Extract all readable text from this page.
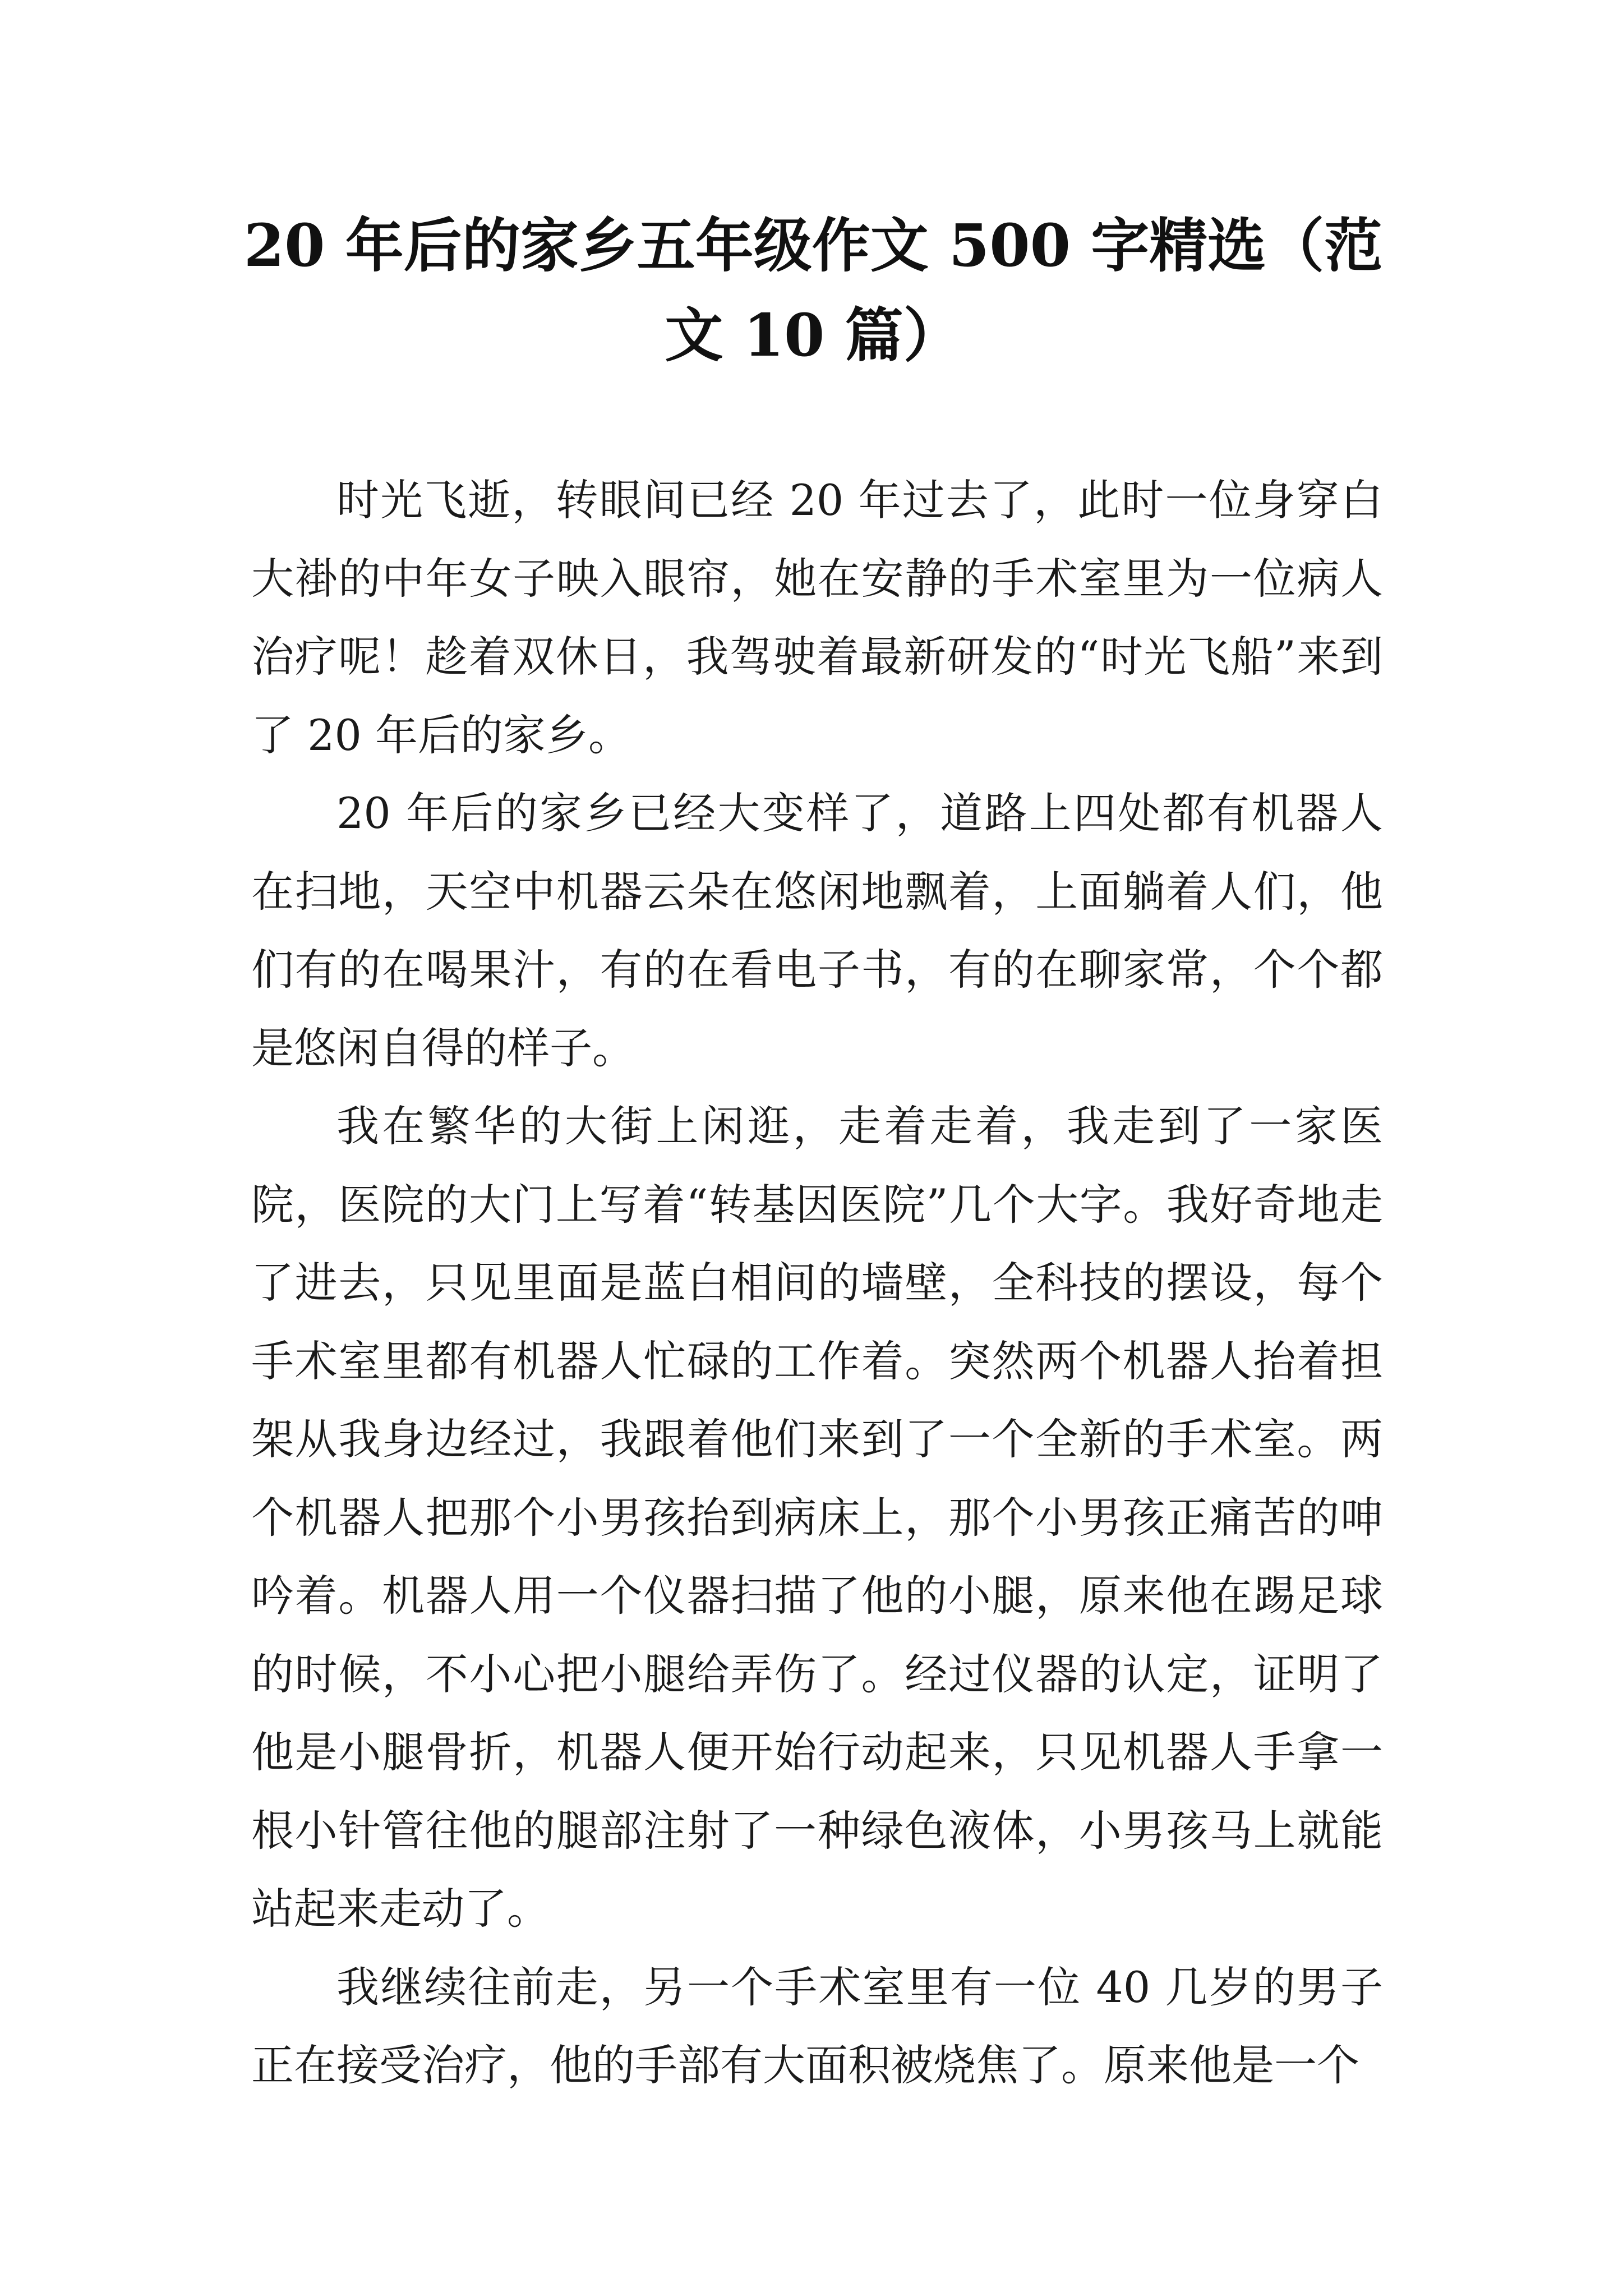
20 年后的家乡五年级作文 500 字精选（范文 10 篇）

时光飞逝，转眼间已经 20 年过去了，此时一位身穿白大褂的中年女子映入眼帘，她在安静的手术室里为一位病人治疗呢！趁着双休日，我驾驶着最新研发的“时光飞船”来到了 20 年后的家乡。

20 年后的家乡已经大变样了，道路上四处都有机器人在扫地，天空中机器云朵在悠闲地飘着，上面躺着人们，他们有的在喝果汁，有的在看电子书，有的在聊家常，个个都是悠闲自得的样子。

我在繁华的大街上闲逛，走着走着，我走到了一家医院，医院的大门上写着“转基因医院”几个大字。我好奇地走了进去，只见里面是蓝白相间的墙壁，全科技的摆设，每个手术室里都有机器人忙碌的工作着。突然两个机器人抬着担架从我身边经过，我跟着他们来到了一个全新的手术室。两个机器人把那个小男孩抬到病床上，那个小男孩正痛苦的呻吟着。机器人用一个仪器扫描了他的小腿，原来他在踢足球的时候，不小心把小腿给弄伤了。经过仪器的认定，证明了他是小腿骨折，机器人便开始行动起来，只见机器人手拿一根小针管往他的腿部注射了一种绿色液体，小男孩马上就能站起来走动了。

我继续往前走，另一个手术室里有一位 40 几岁的男子正在接受治疗，他的手部有大面积被烧焦了。原来他是一个
